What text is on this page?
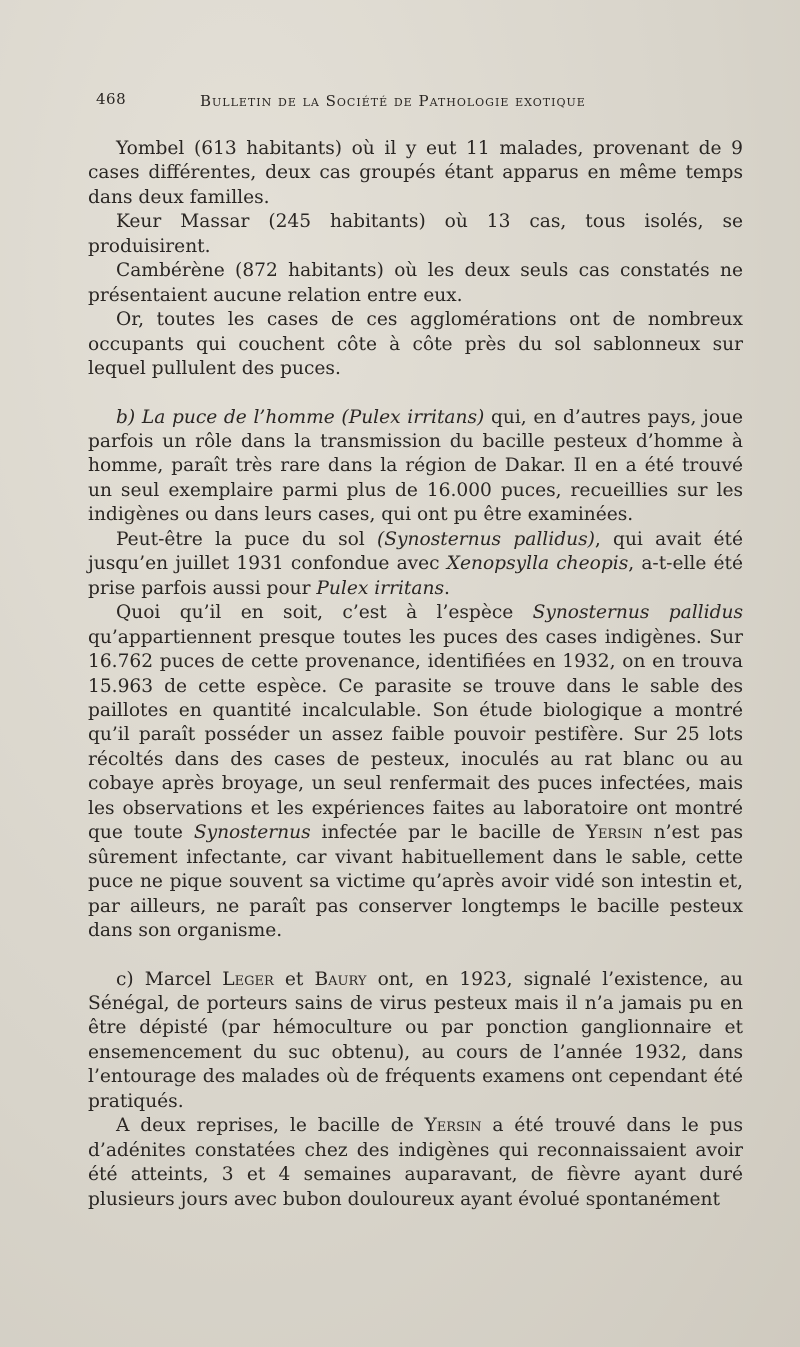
468	Bulletin de la Société de Pathologie exotique

Yombel (613 habitants) où il y eut 11 malades, provenant de 9 cases différentes, deux cas groupés étant apparus en même temps dans deux familles.

Keur Massar (245 habitants) où 13 cas, tous isolés, se produisirent.

Cambérène (872 habitants) où les deux seuls cas constatés ne présentaient aucune relation entre eux.

Or, toutes les cases de ces agglomérations ont de nombreux occupants qui couchent côte à côte près du sol sablonneux sur lequel pullulent des puces.

b) La puce de l’homme (Pulex irritans) qui, en d’autres pays, joue parfois un rôle dans la transmission du bacille pesteux d’homme à homme, paraît très rare dans la région de Dakar. Il en a été trouvé un seul exemplaire parmi plus de 16.000 puces, recueillies sur les indigènes ou dans leurs cases, qui ont pu être examinées.

Peut-être la puce du sol (Synosternus pallidus), qui avait été jusqu’en juillet 1931 confondue avec Xenopsylla cheopis, a-t-elle été prise parfois aussi pour Pulex irritans.

Quoi qu’il en soit, c’est à l’espèce Synosternus pallidus qu’appartiennent presque toutes les puces des cases indigènes. Sur 16.762 puces de cette provenance, identifiées en 1932, on en trouva 15.963 de cette espèce. Ce parasite se trouve dans le sable des paillotes en quantité incalculable. Son étude biologique a montré qu’il paraît posséder un assez faible pouvoir pestifère. Sur 25 lots récoltés dans des cases de pesteux, inoculés au rat blanc ou au cobaye après broyage, un seul renfermait des puces infectées, mais les observations et les expériences faites au laboratoire ont montré que toute Synosternus infectée par le bacille de Yersin n’est pas sûrement infectante, car vivant habituellement dans le sable, cette puce ne pique souvent sa victime qu’après avoir vidé son intestin et, par ailleurs, ne paraît pas conserver longtemps le bacille pesteux dans son organisme.

c) Marcel Leger et Baury ont, en 1923, signalé l’existence, au Sénégal, de porteurs sains de virus pesteux mais il n’a jamais pu en être dépisté (par hémoculture ou par ponction ganglionnaire et ensemencement du suc obtenu), au cours de l’année 1932, dans l’entourage des malades où de fréquents examens ont cependant été pratiqués.

A deux reprises, le bacille de Yersin a été trouvé dans le pus d’adénites constatées chez des indigènes qui reconnaissaient avoir été atteints, 3 et 4 semaines auparavant, de fièvre ayant duré plusieurs jours avec bubon douloureux ayant évolué spontanément
